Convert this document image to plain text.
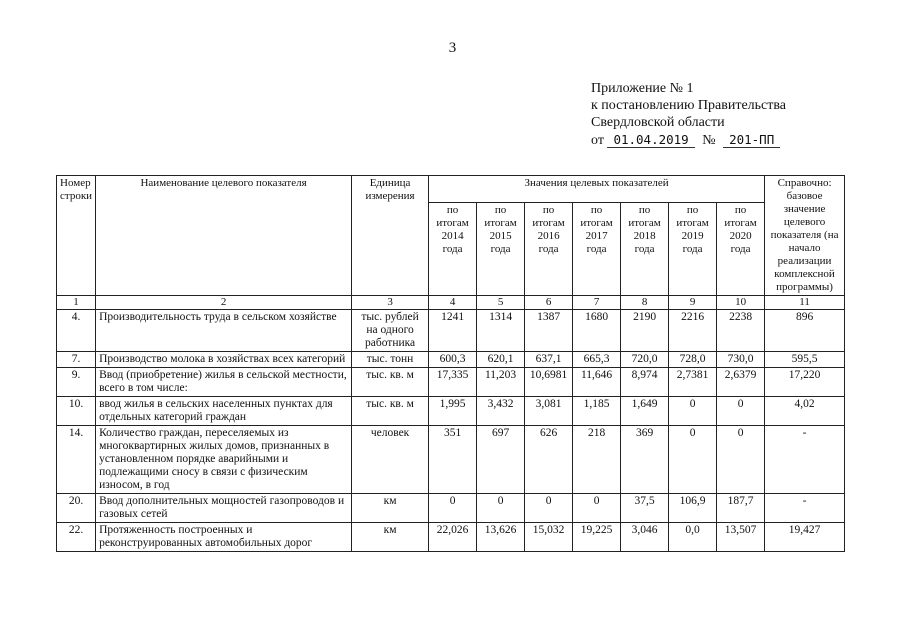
3
Приложение № 1
к постановлению Правительства
Свердловской области
от 01.04.2019 № 201-ПП
Номер строки	Наименование целевого показателя	Единица измерения	Значения целевых показателей							Справочно: базовое значение целевого показателя (на начало реализации комплексной программы)
			по итогам 2014 года	по итогам 2015 года	по итогам 2016 года	по итогам 2017 года	по итогам 2018 года	по итогам 2019 года	по итогам 2020 года	
1	2	3	4	5	6	7	8	9	10	11
4.	Производительность труда в сельском хозяйстве	тыс. рублей на одного работника	1241	1314	1387	1680	2190	2216	2238	896
7.	Производство молока в хозяйствах всех категорий	тыс. тонн	600,3	620,1	637,1	665,3	720,0	728,0	730,0	595,5
9.	Ввод (приобретение) жилья в сельской местности, всего в том числе:	тыс. кв. м	17,335	11,203	10,6981	11,646	8,974	2,7381	2,6379	17,220
10.	ввод жилья в сельских населенных пунктах для отдельных категорий граждан	тыс. кв. м	1,995	3,432	3,081	1,185	1,649	0	0	4,02
14.	Количество граждан, переселяемых из многоквартирных жилых домов, признанных в установленном порядке аварийными и подлежащими сносу в связи с физическим износом, в год	человек	351	697	626	218	369	0	0	-
20.	Ввод дополнительных мощностей газопроводов и газовых сетей	км	0	0	0	0	37,5	106,9	187,7	-
22.	Протяженность построенных и реконструированных автомобильных дорог	км	22,026	13,626	15,032	19,225	3,046	0,0	13,507	19,427
